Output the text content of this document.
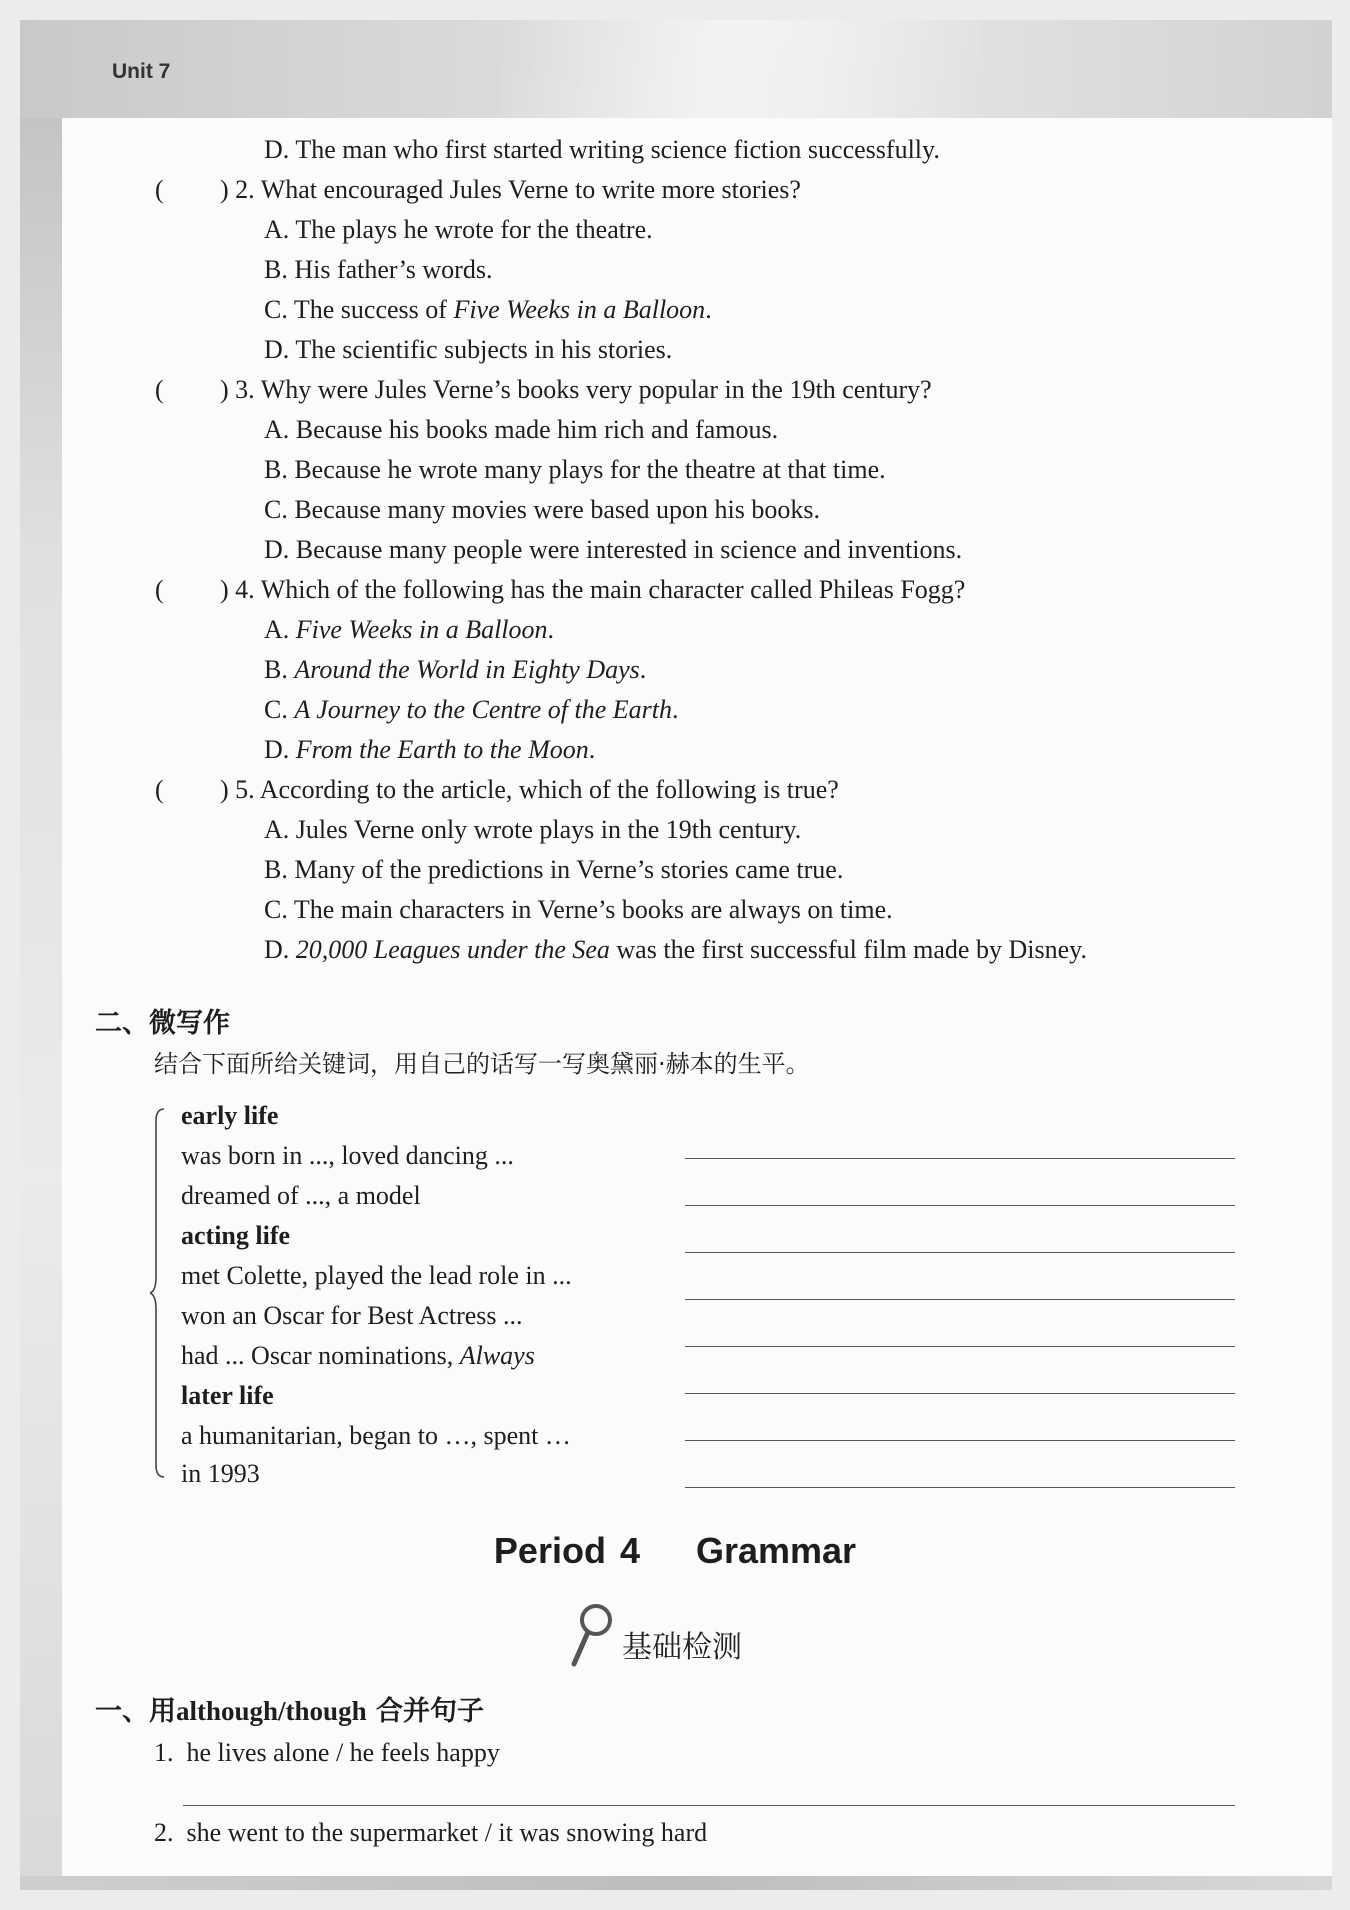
Unit 7
D. The man who first started writing science fiction successfully.
( ) 2. What encouraged Jules Verne to write more stories?
A. The plays he wrote for the theatre.
B. His father’s words.
C. The success of Five Weeks in a Balloon.
D. The scientific subjects in his stories.
( ) 3. Why were Jules Verne’s books very popular in the 19th century?
A. Because his books made him rich and famous.
B. Because he wrote many plays for the theatre at that time.
C. Because many movies were based upon his books.
D. Because many people were interested in science and inventions.
( ) 4. Which of the following has the main character called Phileas Fogg?
A. Five Weeks in a Balloon.
B. Around the World in Eighty Days.
C. A Journey to the Centre of the Earth.
D. From the Earth to the Moon.
( ) 5. According to the article, which of the following is true?
A. Jules Verne only wrote plays in the 19th century.
B. Many of the predictions in Verne’s stories came true.
C. The main characters in Verne’s books are always on time.
D. 20,000 Leagues under the Sea was the first successful film made by Disney.
二、微写作
结合下面所给关键词，用自己的话写一写奥黛丽·赫本的生平。
early life
was born in ..., loved dancing ...
dreamed of ..., a model
acting life
met Colette, played the lead role in ...
won an Oscar for Best Actress ...
had ... Oscar nominations, Always
later life
a humanitarian, began to …, spent …
in 1993
Period 4    Grammar
基础检测
一、用although/though 合并句子
1. he lives alone / he feels happy
2. she went to the supermarket / it was snowing hard
